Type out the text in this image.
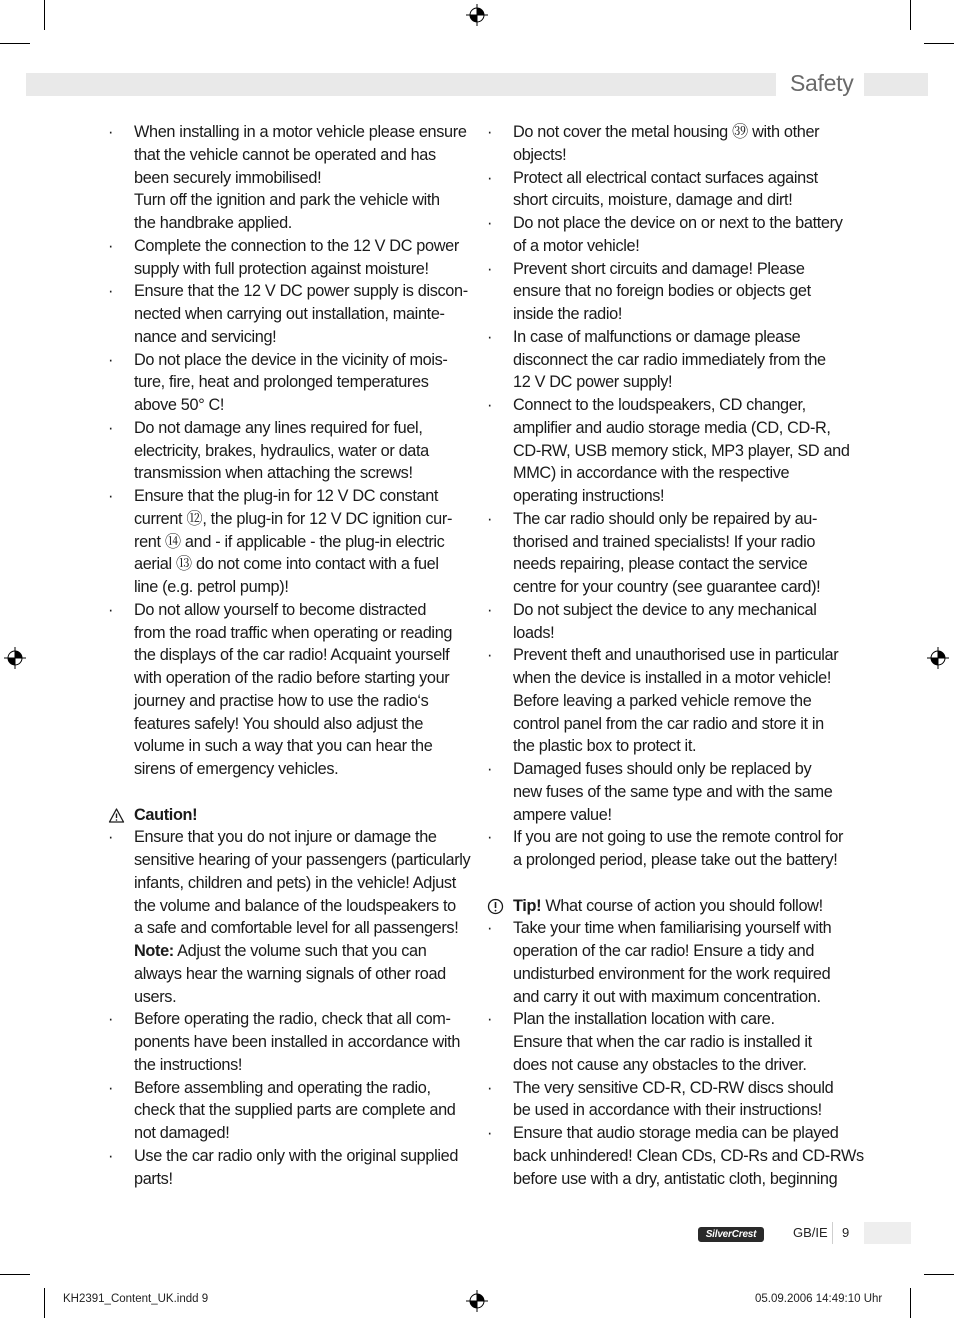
Safety
· When installing in a motor vehicle please ensure
that the vehicle cannot be operated and has
been securely immobilised!
Turn off the ignition and park the vehicle with
the handbrake applied.
· Complete the connection to the 12 V DC power
supply with full protection against moisture!
· Ensure that the 12 V DC power supply is discon-
nected when carrying out installation, mainte-
nance and servicing!
· Do not place the device in the vicinity of mois-
ture, fire, heat and prolonged temperatures
above 50° C!
· Do not damage any lines required for fuel,
electricity, brakes, hydraulics, water or data
transmission when attaching the screws!
· Ensure that the plug-in for 12 V DC constant
current ⑫, the plug-in for 12 V DC ignition cur-
rent ⑭ and - if applicable - the plug-in electric
aerial ⑬ do not come into contact with a fuel
line (e.g. petrol pump)!
· Do not allow yourself to become distracted
from the road traffic when operating or reading
the displays of the car radio! Acquaint yourself
with operation of the radio before starting your
journey and practise how to use the radio‘s
features safely! You should also adjust the
volume in such a way that you can hear the
sirens of emergency vehicles.
Caution!
· Ensure that you do not injure or damage the
sensitive hearing of your passengers (particularly
infants, children and pets) in the vehicle! Adjust
the volume and balance of the loudspeakers to
a safe and comfortable level for all passengers!
Note: Adjust the volume such that you can
always hear the warning signals of other road
users.
· Before operating the radio, check that all com-
ponents have been installed in accordance with
the instructions!
· Before assembling and operating the radio,
check that the supplied parts are complete and
not damaged!
· Use the car radio only with the original supplied
parts!
· Do not cover the metal housing ㊴ with other
objects!
· Protect all electrical contact surfaces against
short circuits, moisture, damage and dirt!
· Do not place the device on or next to the battery
of a motor vehicle!
· Prevent short circuits and damage! Please
ensure that no foreign bodies or objects get
inside the radio!
· In case of malfunctions or damage please
disconnect the car radio immediately from the
12 V DC power supply!
· Connect to the loudspeakers, CD changer,
amplifier and audio storage media (CD, CD-R,
CD-RW, USB memory stick, MP3 player, SD and
MMC) in accordance with the respective
operating instructions!
· The car radio should only be repaired by au-
thorised and trained specialists! If your radio
needs repairing, please contact the service
centre for your country (see guarantee card)!
· Do not subject the device to any mechanical
loads!
· Prevent theft and unauthorised use in particular
when the device is installed in a motor vehicle!
Before leaving a parked vehicle remove the
control panel from the car radio and store it in
the plastic box to protect it.
· Damaged fuses should only be replaced by
new fuses of the same type and with the same
ampere value!
· If you are not going to use the remote control for
a prolonged period, please take out the battery!
Tip! What course of action you should follow!
· Take your time when familiarising yourself with
operation of the car radio! Ensure a tidy and
undisturbed environment for the work required
and carry it out with maximum concentration.
· Plan the installation location with care.
Ensure that when the car radio is installed it
does not cause any obstacles to the driver.
· The very sensitive CD-R, CD-RW discs should
be used in accordance with their instructions!
· Ensure that audio storage media can be played
back unhindered! Clean CDs, CD-Rs and CD-RWs
before use with a dry, antistatic cloth, beginning
SilverCrest	GB/IE 9
KH2391_Content_UK.indd 9	05.09.2006 14:49:10 Uhr
